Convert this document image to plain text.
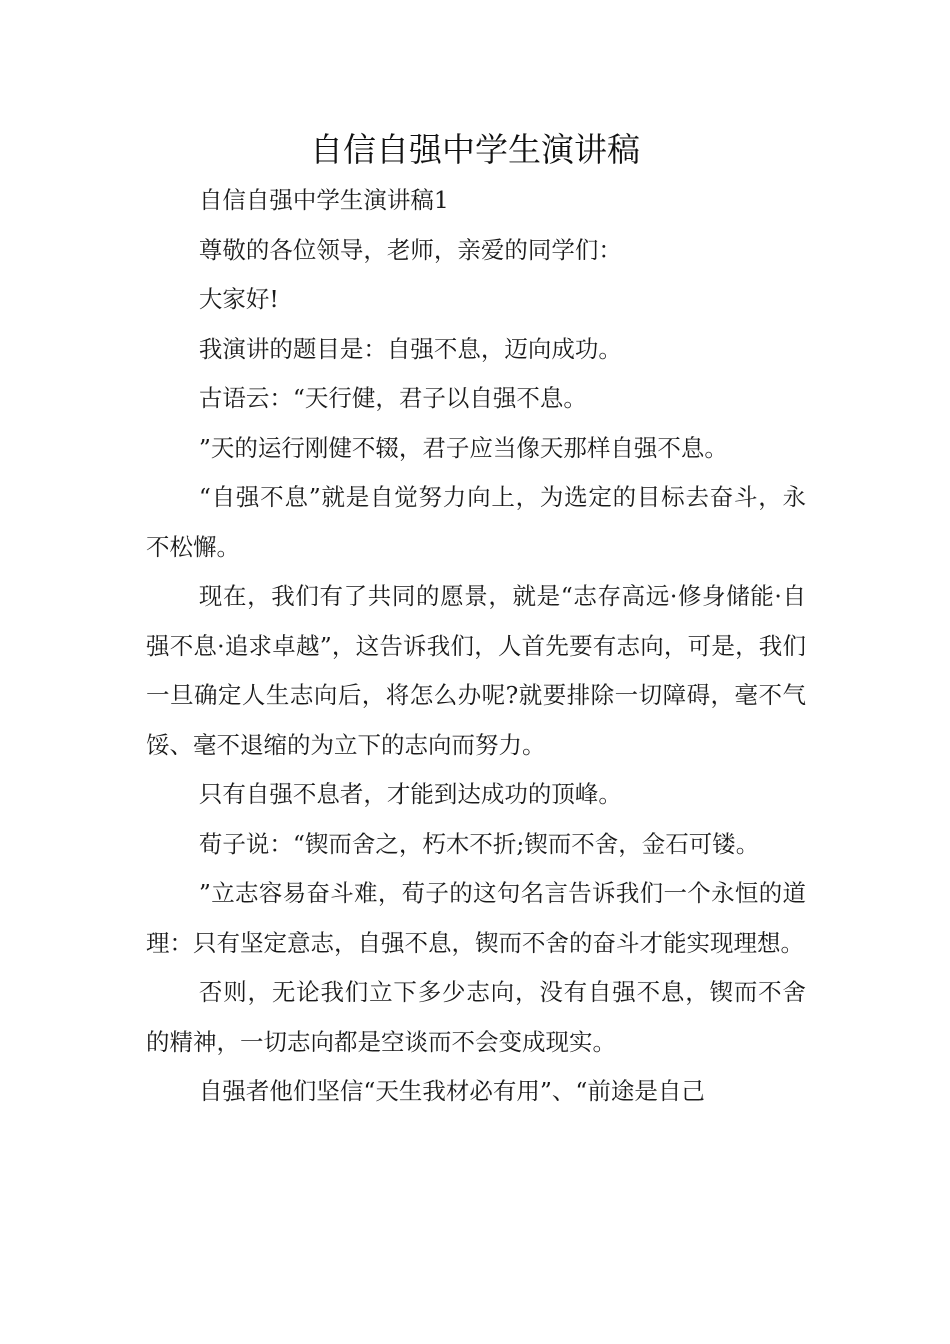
自信自强中学生演讲稿

自信自强中学生演讲稿1

尊敬的各位领导，老师，亲爱的同学们：

大家好!

我演讲的题目是：自强不息，迈向成功。

古语云：“天行健，君子以自强不息。

”天的运行刚健不辍，君子应当像天那样自强不息。

“自强不息”就是自觉努力向上，为选定的目标去奋斗，永不松懈。

现在，我们有了共同的愿景，就是“志存高远·修身储能·自强不息·追求卓越”，这告诉我们，人首先要有志向，可是，我们一旦确定人生志向后，将怎么办呢?就要排除一切障碍，毫不气馁、毫不退缩的为立下的志向而努力。

只有自强不息者，才能到达成功的顶峰。

荀子说：“锲而舍之，朽木不折;锲而不舍，金石可镂。

”立志容易奋斗难，荀子的这句名言告诉我们一个永恒的道理：只有坚定意志，自强不息，锲而不舍的奋斗才能实现理想。

否则，无论我们立下多少志向，没有自强不息，锲而不舍的精神，一切志向都是空谈而不会变成现实。

自强者他们坚信“天生我材必有用”、“前途是自己
